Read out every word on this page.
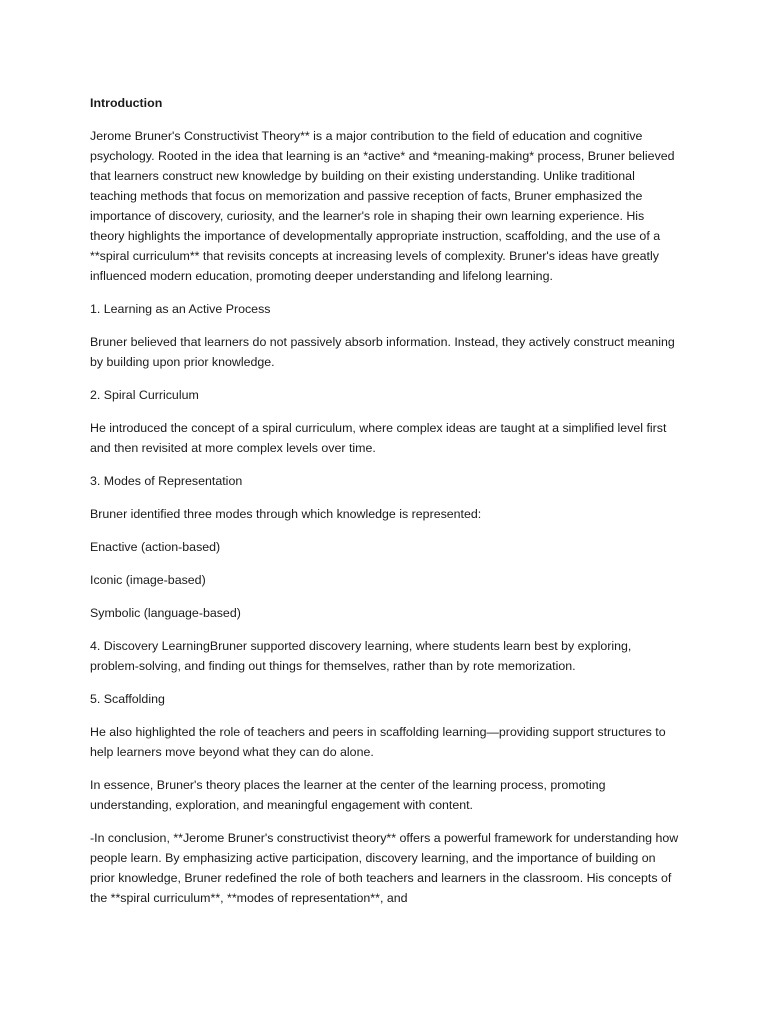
Introduction

Jerome Bruner's Constructivist Theory** is a major contribution to the field of education and cognitive psychology. Rooted in the idea that learning is an *active* and *meaning-making* process, Bruner believed that learners construct new knowledge by building on their existing understanding. Unlike traditional teaching methods that focus on memorization and passive reception of facts, Bruner emphasized the importance of discovery, curiosity, and the learner's role in shaping their own learning experience. His theory highlights the importance of developmentally appropriate instruction, scaffolding, and the use of a **spiral curriculum** that revisits concepts at increasing levels of complexity. Bruner's ideas have greatly influenced modern education, promoting deeper understanding and lifelong learning.

1. Learning as an Active Process

Bruner believed that learners do not passively absorb information. Instead, they actively construct meaning by building upon prior knowledge.

2. Spiral Curriculum

He introduced the concept of a spiral curriculum, where complex ideas are taught at a simplified level first and then revisited at more complex levels over time.

3. Modes of Representation

Bruner identified three modes through which knowledge is represented:

Enactive (action-based)

Iconic (image-based)

Symbolic (language-based)

4. Discovery LearningBruner supported discovery learning, where students learn best by exploring, problem-solving, and finding out things for themselves, rather than by rote memorization.

5. Scaffolding

He also highlighted the role of teachers and peers in scaffolding learning—providing support structures to help learners move beyond what they can do alone.

In essence, Bruner's theory places the learner at the center of the learning process, promoting understanding, exploration, and meaningful engagement with content.

-In conclusion, **Jerome Bruner's constructivist theory** offers a powerful framework for understanding how people learn. By emphasizing active participation, discovery learning, and the importance of building on prior knowledge, Bruner redefined the role of both teachers and learners in the classroom. His concepts of the **spiral curriculum**, **modes of representation**, and
